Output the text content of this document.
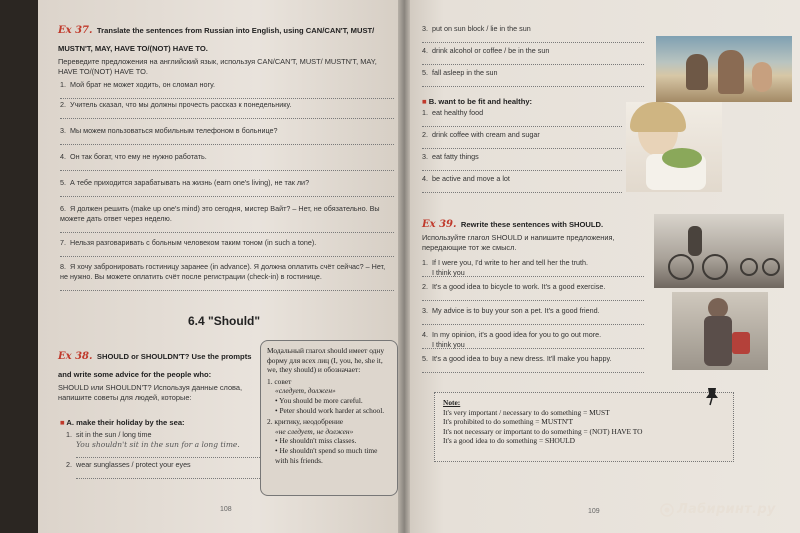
Ex 37. Translate the sentences from Russian into English, using CAN/CAN'T, MUST/ MUSTN'T, MAY, HAVE TO/(NOT) HAVE TO.
Переведите предложения на английский язык, используя CAN/CAN'T, MUST/ MUSTN'T, MAY, HAVE TO/(NOT) HAVE TO.
1. Мой брат не может ходить, он сломал ногу.
2. Учитель сказал, что мы должны прочесть рассказ к понедельнику.
3. Мы можем пользоваться мобильным телефоном в больнице?
4. Он так богат, что ему не нужно работать.
5. А тебе приходится зарабатывать на жизнь (earn one's living), не так ли?
6. Я должен решить (make up one's mind) это сегодня, мистер Вайт? – Нет, не обязательно. Вы можете дать ответ через неделю.
7. Нельзя разговаривать с больным человеком таким тоном (in such a tone).
8. Я хочу забронировать гостиницу заранее (in advance). Я должна оплатить счёт сейчас? – Нет, не нужно. Вы можете оплатить счёт после регистрации (check-in) в гостинице.
6.4 "Should"
Ex 38. SHOULD or SHOULDN'T? Use the prompts and write some advice for the people who:
SHOULD или SHOULDN'T? Используя данные слова, напишите советы для людей, которые:
■ A. make their holiday by the sea:
1. sit in the sun / long time
You shouldn't sit in the sun for a long time.
2. wear sunglasses / protect your eyes
Модальный глагол should имеет одну форму для всех лиц (I, you, he, she it, we, they should) и обозначает:
1. совет
«следует, должен»
• You should be more careful.
• Peter should work harder at school.
2. критику, неодобрение
«не следует, не должен»
• He shouldn't miss classes.
• He shouldn't spend so much time with his friends.
108
3. put on sun block / lie in the sun
4. drink alcohol or coffee / be in the sun
5. fall asleep in the sun
■ B. want to be fit and healthy:
1. eat healthy food
2. drink coffee with cream and sugar
3. eat fatty things
4. be active and move a lot
Ex 39. Rewrite these sentences with SHOULD.
Используйте глагол SHOULD и напишите предложения, передающие тот же смысл.
1. If I were you, I'd write to her and tell her the truth.
I think you
2. It's a good idea to bicycle to work. It's a good exercise.
3. My advice is to buy your son a pet. It's a good friend.
4. In my opinion, it's a good idea for you to go out more.
I think you
5. It's a good idea to buy a new dress. It'll make you happy.
Note:
It's very important / necessary to do something = MUST
It's prohibited to do something = MUSTN'T
It's not necessary or important to do something = (NOT) HAVE TO
It's a good idea to do something = SHOULD
109	Лабиринт.ру
